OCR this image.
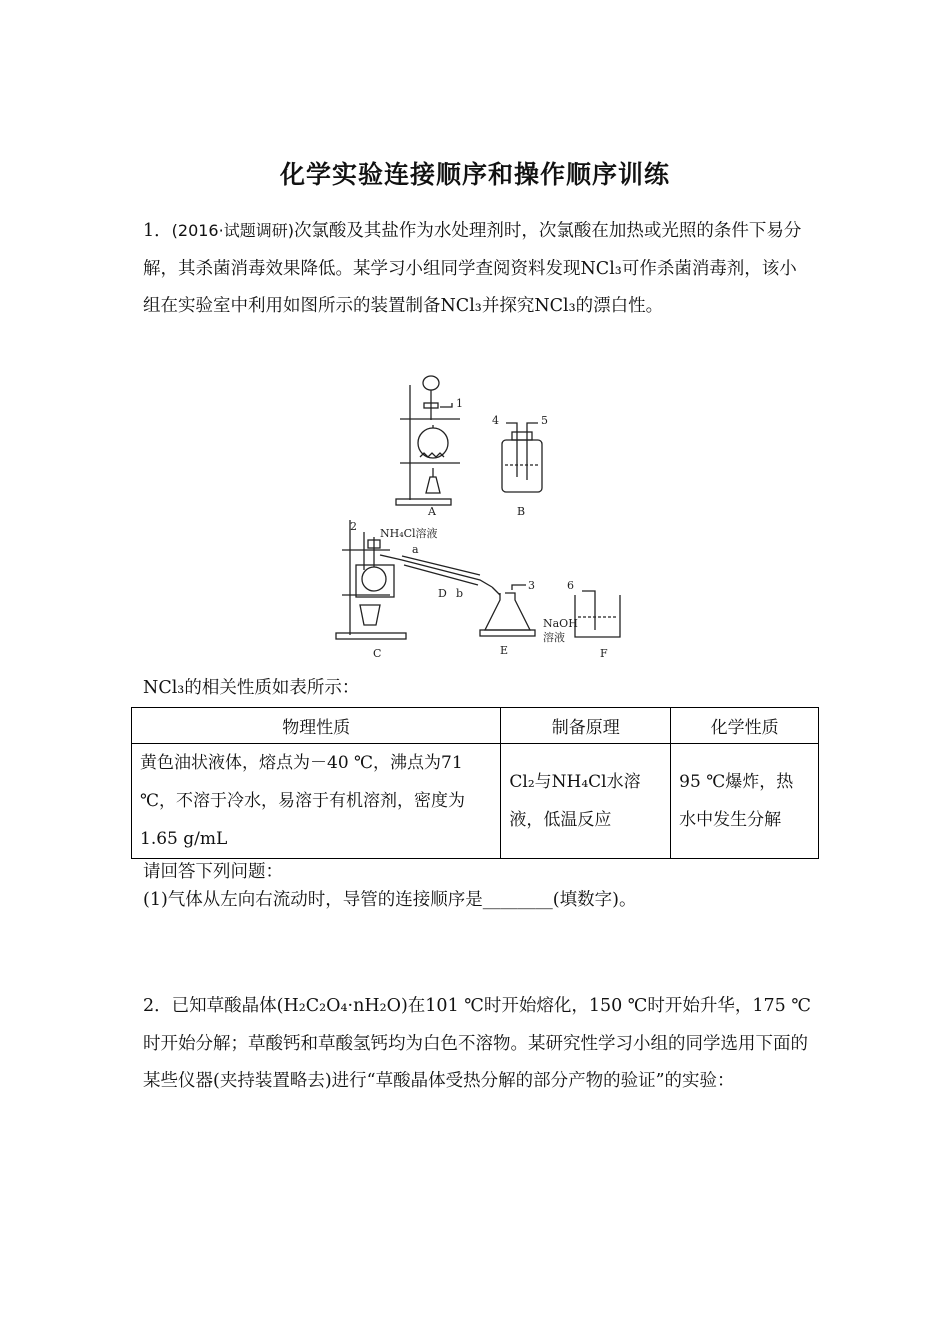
化学实验连接顺序和操作顺序训练
1．(2016·试题调研)次氯酸及其盐作为水处理剂时，次氯酸在加热或光照的条件下易分解，其杀菌消毒效果降低。某学习小组同学查阅资料发现NCl₃可作杀菌消毒剂，该小组在实验室中利用如图所示的装置制备NCl₃并探究NCl₃的漂白性。
1
2
3
4	5
6
A	B
C
D
E	F
a
b
NH₄Cl溶液
NaOH
溶液
NCl₃的相关性质如表所示：
物理性质	制备原理	化学性质
黄色油状液体，熔点为－40 ℃，沸点为71 ℃，不溶于冷水，易溶于有机溶剂，密度为1.65 g/mL	Cl₂与NH₄Cl水溶液，低温反应	95 ℃爆炸，热水中发生分解
请回答下列问题：
(1)气体从左向右流动时，导管的连接顺序是________(填数字)。
2．已知草酸晶体(H₂C₂O₄·nH₂O)在101 ℃时开始熔化，150 ℃时开始升华，175 ℃时开始分解；草酸钙和草酸氢钙均为白色不溶物。某研究性学习小组的同学选用下面的某些仪器(夹持装置略去)进行“草酸晶体受热分解的部分产物的验证”的实验：
